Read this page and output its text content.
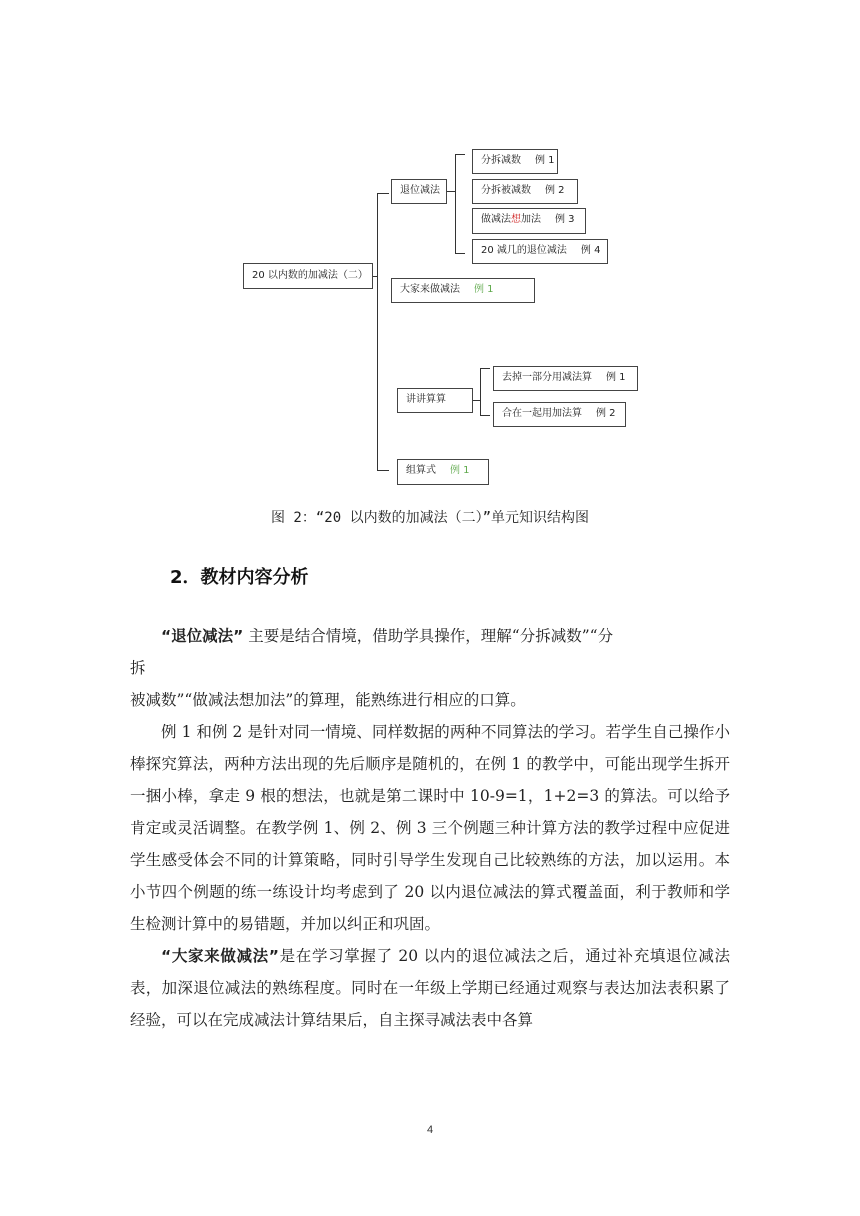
20 以内数的加减法（二）
退位减法
分拆减数 例 1
分拆被减数 例 2
做减法想加法 例 3
20 减几的退位减法 例 4
大家来做减法 例 1
讲讲算算
去掉一部分用减法算 例 1
合在一起用加法算 例 2
组算式 例 1
图 2：“20 以内数的加减法（二）”单元知识结构图
2．教材内容分析

“退位减法” 主要是结合情境，借助学具操作，理解“分拆减数”“分

拆

被减数”“做减法想加法”的算理，能熟练进行相应的口算。

例 1 和例 2 是针对同一情境、同样数据的两种不同算法的学习。若学生自己操作小棒探究算法，两种方法出现的先后顺序是随机的，在例 1 的教学中，可能出现学生拆开一捆小棒，拿走 9 根的想法，也就是第二课时中 10-9=1，1+2=3 的算法。可以给予肯定或灵活调整。在教学例 1、例 2、例 3 三个例题三种计算方法的教学过程中应促进学生感受体会不同的计算策略，同时引导学生发现自己比较熟练的方法，加以运用。本小节四个例题的练一练设计均考虑到了 20 以内退位减法的算式覆盖面，利于教师和学生检测计算中的易错题，并加以纠正和巩固。

“大家来做减法”是在学习掌握了 20 以内的退位减法之后，通过补充填退位减法表，加深退位减法的熟练程度。同时在一年级上学期已经通过观察与表达加法表积累了经验，可以在完成减法计算结果后，自主探寻减法表中各算

4
